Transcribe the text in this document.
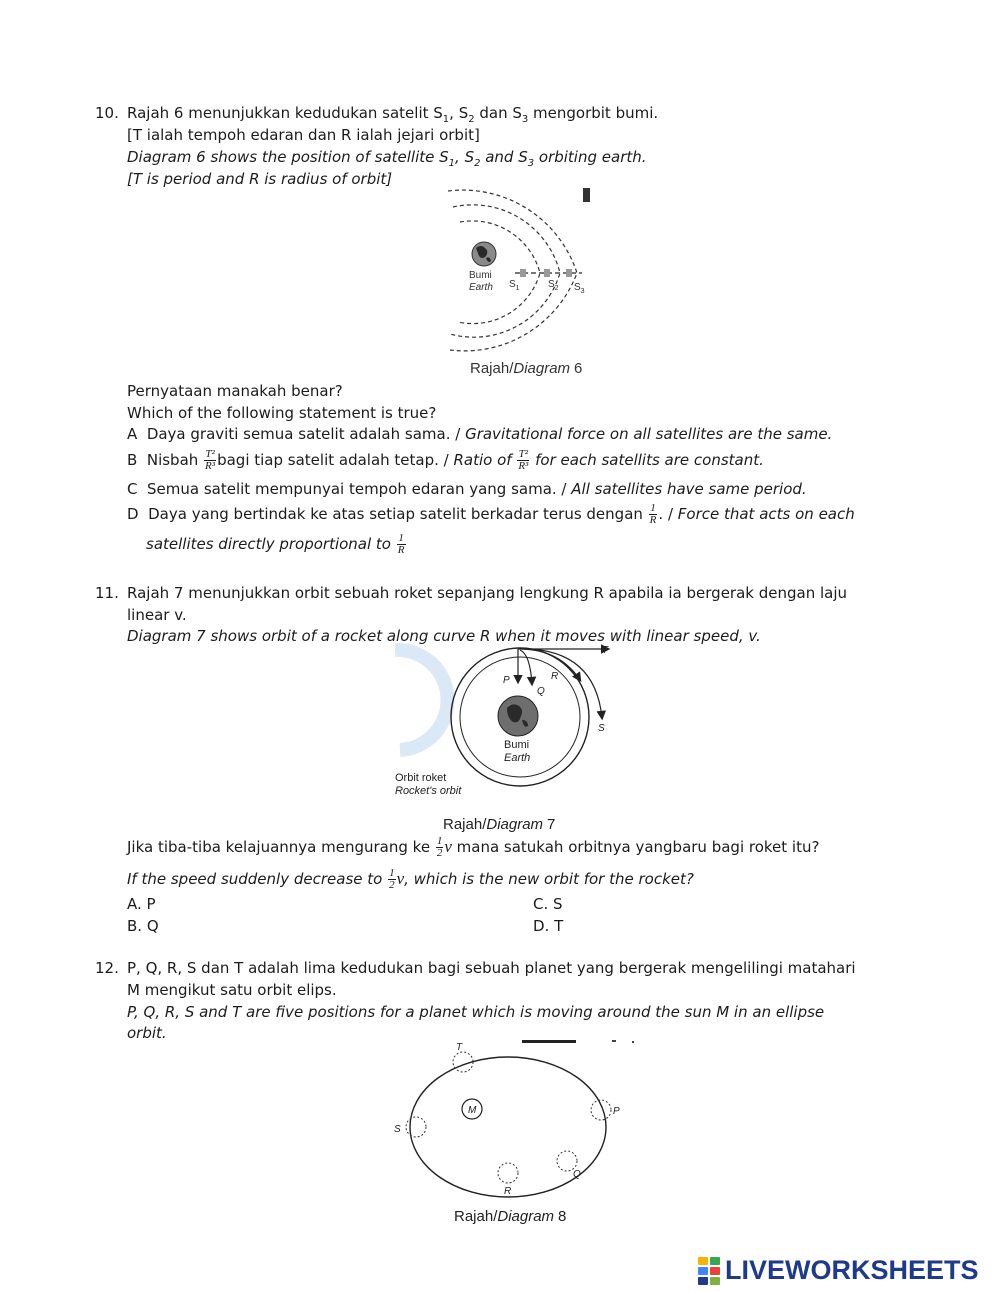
10. Rajah 6 menunjukkan kedudukan satelit $S_1$, $S_2$ dan $S_3$ mengorbit bumi.
[T ialah tempoh edaran dan R ialah jejari orbit]
Diagram 6 shows the position of satellite $S_1$, $S_2$ and $S_3$ orbiting earth.
[T is period and R is radius of orbit]
Bumi
Earth $S_1$	$S_2$ $S_3$
Rajah/Diagram 6
Pernyataan manakah benar?
Which of the following statement is true?
A Daya graviti semua satelit adalah sama. / Gravitational force on all satellites are the same.
B Nisbah $\frac{\text{T²}}{\text{R³}}$ bagi tiap satelit adalah tetap. / Ratio of $\frac{\text{T²}}{\text{R³}}$ for each satellits are constant.
C Semua satelit mempunyai tempoh edaran yang sama. / All satellites have same period.
D Daya yang bertindak ke atas setiap satelit berkadar terus dengan $\frac{1}{R}$ . / Force that acts on each
satellites directly proportional to $\frac{1}{R}$
11. Rajah 7 menunjukkan orbit sebuah roket sepanjang lengkung R apabila ia bergerak dengan laju
linear v.
Diagram 7 shows orbit of a rocket along curve R when it moves with linear speed, v.
T
P
Q
R
S
Bumi
Earth
Orbit roket
Rocket's orbit
Rajah/Diagram 7
Jika tiba-tiba kelajuannya mengurang ke $\frac{1}{2}$ v mana satukah orbitnya yangbaru bagi roket itu?
If the speed suddenly decrease to $\frac{1}{2} v$, which is the new orbit for the rocket?
A. P
B. Q
C. S
D. T
12. P, Q, R, S dan T adalah lima kedudukan bagi sebuah planet yang bergerak mengelilingi matahari
M mengikut satu orbit elips.
P, Q, R, S and T are five positions for a planet which is moving around the sun M in an ellipse
orbit.
M
T
P
S
Q
R
Rajah/Diagram 8
LIVEWORKSHEETS
